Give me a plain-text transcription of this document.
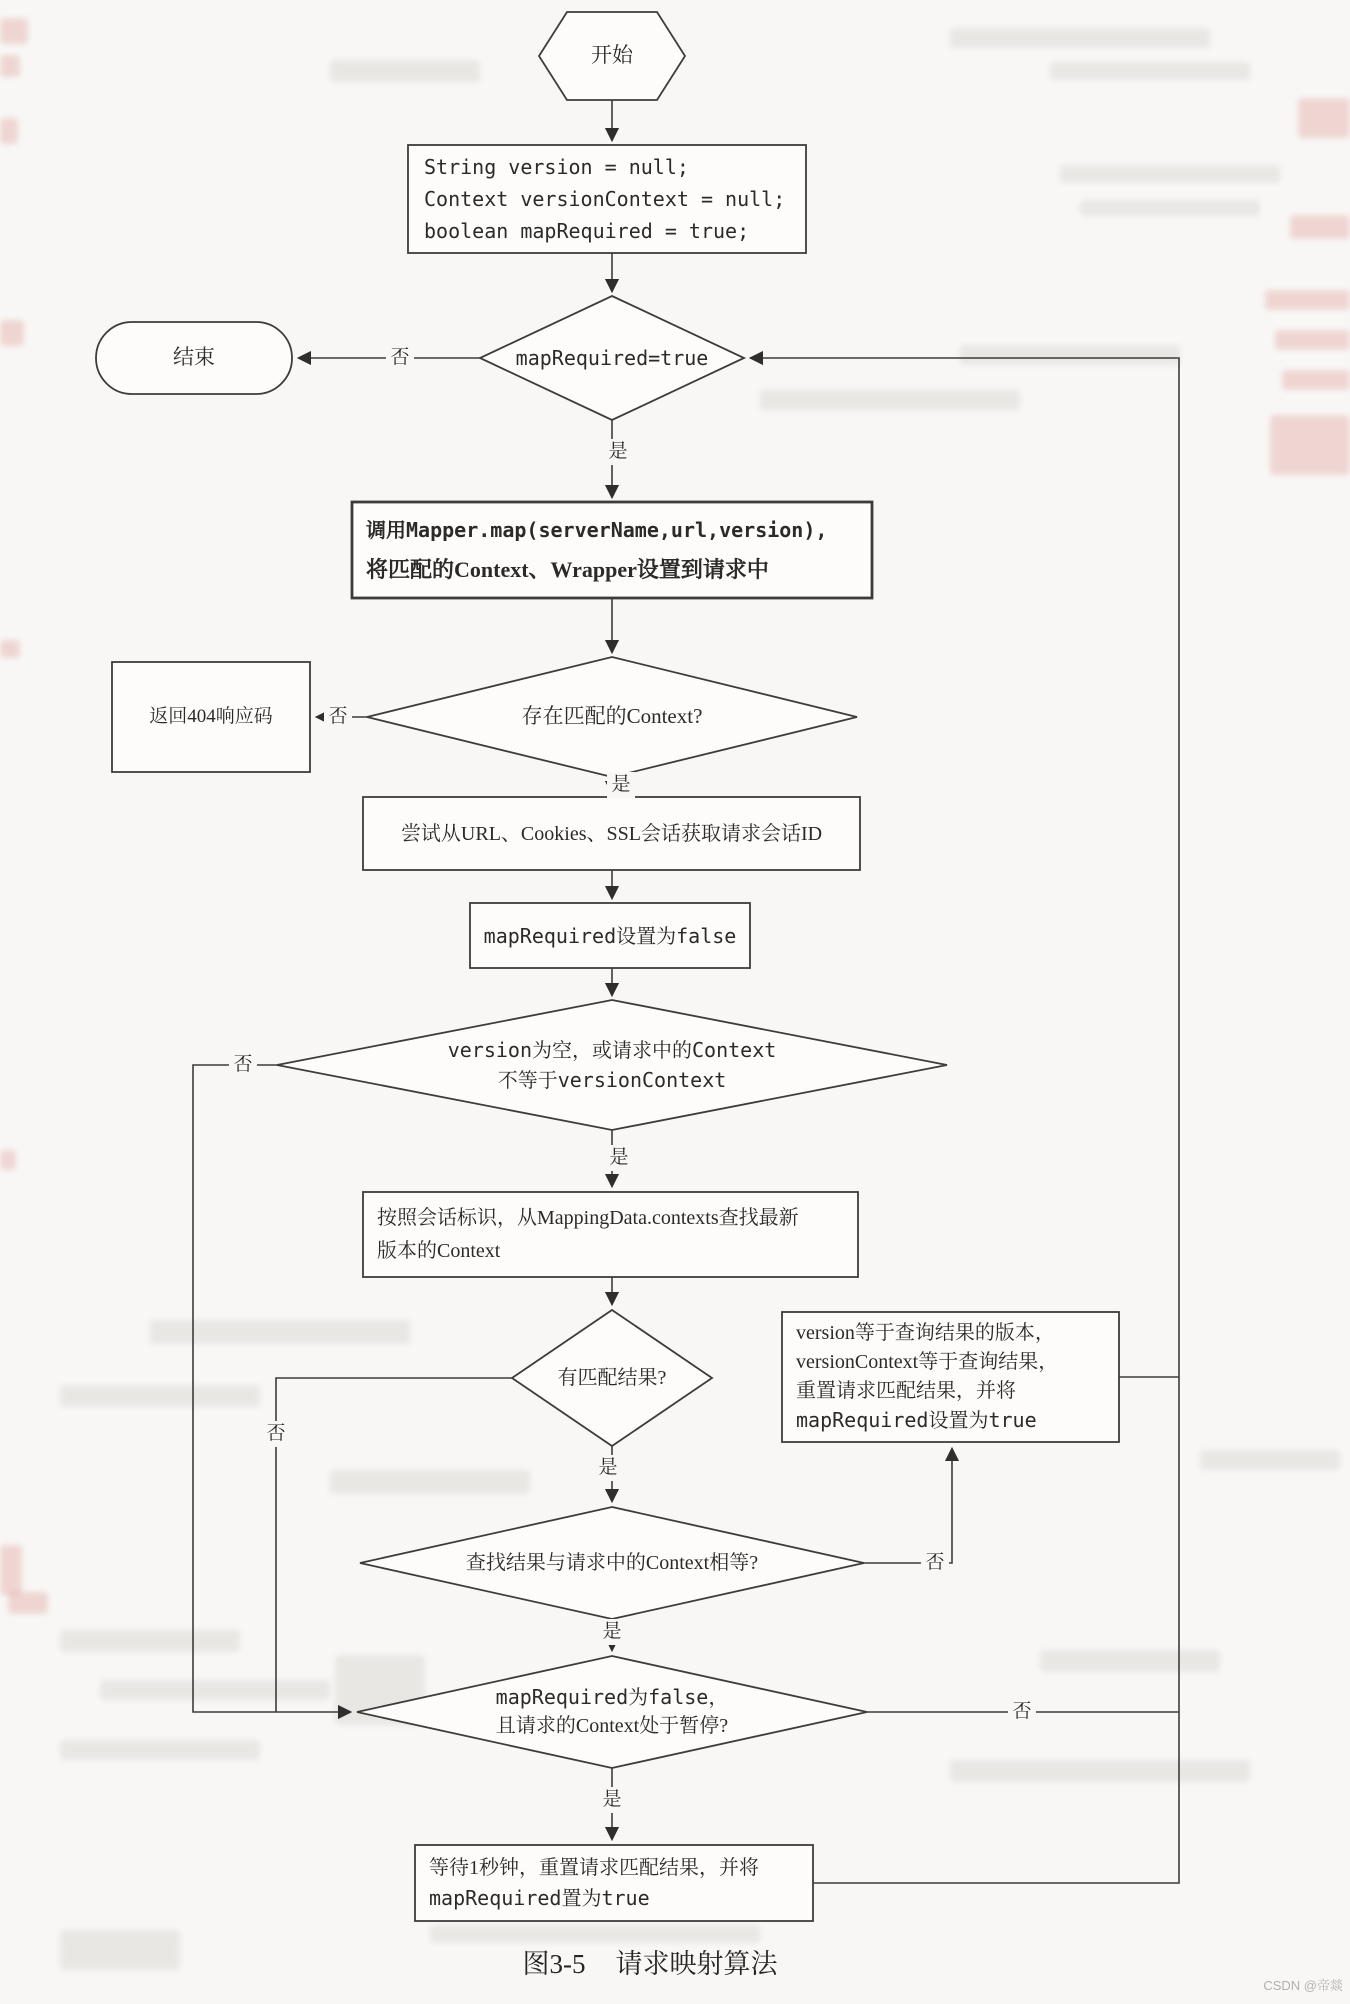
开始
String version = null;
Context versionContext = null;
boolean mapRequired = true;
mapRequired=true
结束
调用Mapper.map(serverName,url,version),
将匹配的Context、Wrapper设置到请求中
存在匹配的Context?
返回404响应码
尝试从URL、Cookies、SSL会话获取请求会话ID
mapRequired设置为false
version为空，或请求中的Context
不等于versionContext
按照会话标识，从MappingData.contexts查找最新
版本的Context
有匹配结果?
version等于查询结果的版本，
versionContext等于查询结果，
重置请求匹配结果，并将
mapRequired设置为true
查找结果与请求中的Context相等?
mapRequired为false，
且请求的Context处于暂停?
等待1秒钟，重置请求匹配结果，并将
mapRequired置为true
否
是
否
是
否
是
否
是
否
是
否
是
图3-5 请求映射算法
CSDN @帝燚
